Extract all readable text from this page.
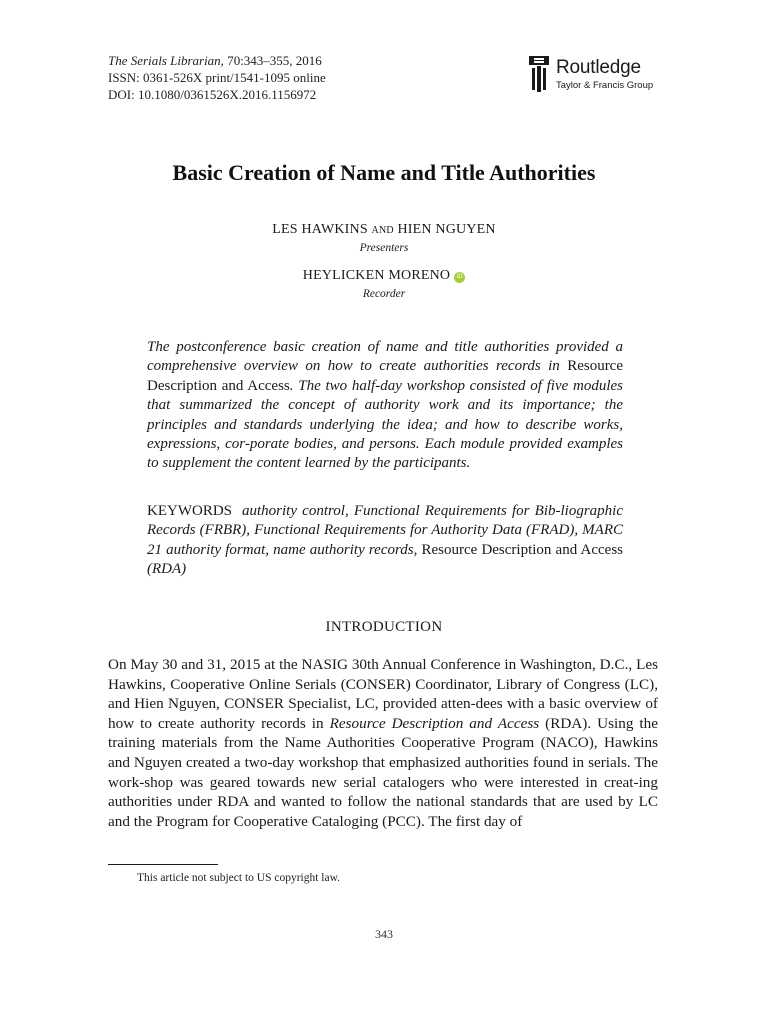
The Serials Librarian, 70:343–355, 2016
ISSN: 0361-526X print/1541-1095 online
DOI: 10.1080/0361526X.2016.1156972
Routledge
Taylor & Francis Group
Basic Creation of Name and Title Authorities
LES HAWKINS and HIEN NGUYEN
Presenters
HEYLICKEN MORENO iD
Recorder

The postconference basic creation of name and title authorities provided a comprehensive overview on how to create authorities records in Resource Description and Access. The two half-day workshop consisted of five modules that summarized the concept of authority work and its importance; the principles and standards underlying the idea; and how to describe works, expressions, cor-porate bodies, and persons. Each module provided examples to supplement the content learned by the participants.

KEYWORDS authority control, Functional Requirements for Bib-liographic Records (FRBR), Functional Requirements for Authority Data (FRAD), MARC 21 authority format, name authority records, Resource Description and Access (RDA)

INTRODUCTION

On May 30 and 31, 2015 at the NASIG 30th Annual Conference in Washington, D.C., Les Hawkins, Cooperative Online Serials (CONSER) Coordinator, Library of Congress (LC), and Hien Nguyen, CONSER Specialist, LC, provided atten-dees with a basic overview of how to create authority records in Resource Description and Access (RDA). Using the training materials from the Name Authorities Cooperative Program (NACO), Hawkins and Nguyen created a two-day workshop that emphasized authorities found in serials. The work-shop was geared towards new serial catalogers who were interested in creat-ing authorities under RDA and wanted to follow the national standards that are used by LC and the Program for Cooperative Cataloging (PCC). The first day of

This article not subject to US copyright law.
343
